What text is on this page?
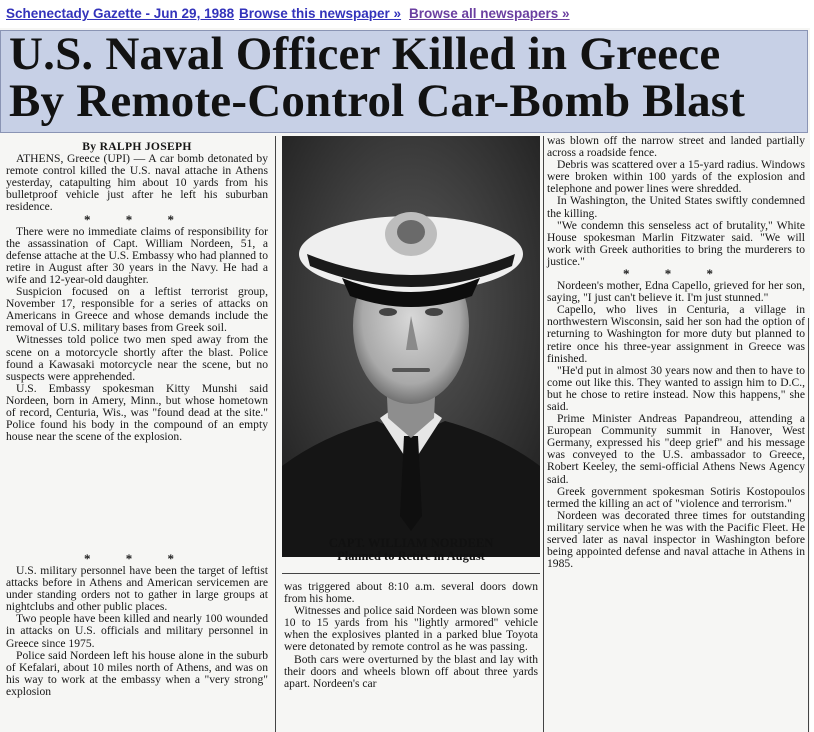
Schenectady Gazette - Jun 29, 1988 Browse this newspaper » Browse all newspapers »
U.S. Naval Officer Killed in Greece
By Remote-Control Car-Bomb Blast

By RALPH JOSEPH

ATHENS, Greece (UPI) — A car bomb detonated by remote control killed the U.S. naval attache in Athens yesterday, catapulting him about 10 yards from his bulletproof vehicle just after he left his suburban residence.

* * *

There were no immediate claims of responsibility for the assassination of Capt. William Nordeen, 51, a defense attache at the U.S. Embassy who had planned to retire in August after 30 years in the Navy. He had a wife and 12-year-old daughter.

Suspicion focused on a leftist terrorist group, November 17, responsible for a series of attacks on Americans in Greece and whose demands include the removal of U.S. military bases from Greek soil.

Witnesses told police two men sped away from the scene on a motorcycle shortly after the blast. Police found a Kawasaki motorcycle near the scene, but no suspects were apprehended.

U.S. Embassy spokesman Kitty Munshi said Nordeen, born in Amery, Minn., but whose hometown of record, Centuria, Wis., was "found dead at the site." Police found his body in the compound of an empty house near the scene of the explosion.

* * *

U.S. military personnel have been the target of leftist attacks before in Athens and American servicemen are under standing orders not to gather in large groups at nightclubs and other public places.

Two people have been killed and nearly 100 wounded in attacks on U.S. officials and military personnel in Greece since 1975.

Police said Nordeen left his house alone in the suburb of Kefalari, about 10 miles north of Athens, and was on his way to work at the embassy when a "very strong" explosion

CAPT. WILLIAM NORDEEN
Planned to Retire in August

was triggered about 8:10 a.m. several doors down from his home.

Witnesses and police said Nordeen was blown some 10 to 15 yards from his "lightly armored" vehicle when the explosives planted in a parked blue Toyota were detonated by remote control as he was passing.

Both cars were overturned by the blast and lay with their doors and wheels blown off about three yards apart. Nordeen's car

was blown off the narrow street and landed partially across a roadside fence.

Debris was scattered over a 15-yard radius. Windows were broken within 100 yards of the explosion and telephone and power lines were shredded.

In Washington, the United States swiftly condemned the killing.

"We condemn this senseless act of brutality," White House spokesman Marlin Fitzwater said. "We will work with Greek authorities to bring the murderers to justice."

* * *

Nordeen's mother, Edna Capello, grieved for her son, saying, "I just can't believe it. I'm just stunned."

Capello, who lives in Centuria, a village in northwestern Wisconsin, said her son had the option of returning to Washington for more duty but planned to retire once his three-year assignment in Greece was finished.

"He'd put in almost 30 years now and then to have to come out like this. They wanted to assign him to D.C., but he chose to retire instead. Now this happens," she said.

Prime Minister Andreas Papandreou, attending a European Community summit in Hanover, West Germany, expressed his "deep grief" and his message was conveyed to the U.S. ambassador to Greece, Robert Keeley, the semi-official Athens News Agency said.

Greek government spokesman Sotiris Kostopoulos termed the killing an act of "violence and terrorism."

Nordeen was decorated three times for outstanding military service when he was with the Pacific Fleet. He served later as naval inspector in Washington before being appointed defense and naval attache in Athens in 1985.
